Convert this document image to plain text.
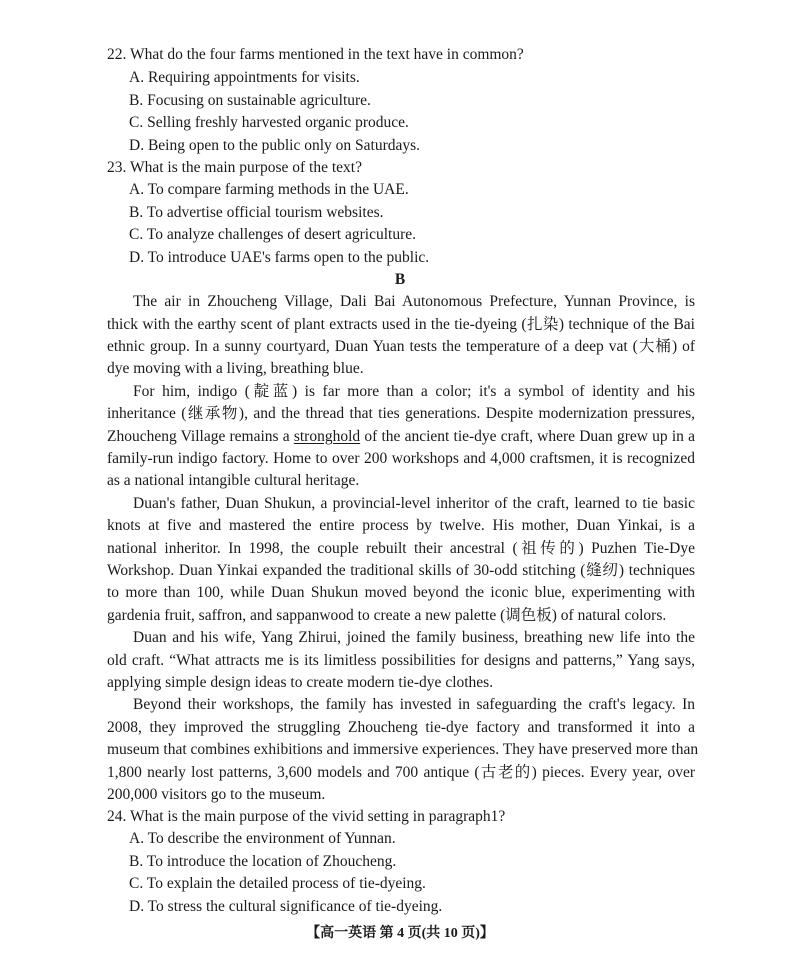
22. What do the four farms mentioned in the text have in common?
A. Requiring appointments for visits.
B. Focusing on sustainable agriculture.
C. Selling freshly harvested organic produce.
D. Being open to the public only on Saturdays.
23. What is the main purpose of the text?
A. To compare farming methods in the UAE.
B. To advertise official tourism websites.
C. To analyze challenges of desert agriculture.
D. To introduce UAE's farms open to the public.
B
The air in Zhoucheng Village, Dali Bai Autonomous Prefecture, Yunnan Province, is
thick with the earthy scent of plant extracts used in the tie-dyeing (扎染) technique of the Bai
ethnic group. In a sunny courtyard, Duan Yuan tests the temperature of a deep vat (大桶) of
dye moving with a living, breathing blue.
For him, indigo (靛蓝) is far more than a color; it's a symbol of identity and his
inheritance (继承物), and the thread that ties generations. Despite modernization pressures,
Zhoucheng Village remains a stronghold of the ancient tie-dye craft, where Duan grew up in a
family-run indigo factory. Home to over 200 workshops and 4,000 craftsmen, it is recognized
as a national intangible cultural heritage.
Duan's father, Duan Shukun, a provincial-level inheritor of the craft, learned to tie basic
knots at five and mastered the entire process by twelve. His mother, Duan Yinkai, is a
national inheritor. In 1998, the couple rebuilt their ancestral (祖传的) Puzhen Tie-Dye
Workshop. Duan Yinkai expanded the traditional skills of 30-odd stitching (缝纫) techniques
to more than 100, while Duan Shukun moved beyond the iconic blue, experimenting with
gardenia fruit, saffron, and sappanwood to create a new palette (调色板) of natural colors.
Duan and his wife, Yang Zhirui, joined the family business, breathing new life into the
old craft. “What attracts me is its limitless possibilities for designs and patterns,” Yang says,
applying simple design ideas to create modern tie-dye clothes.
Beyond their workshops, the family has invested in safeguarding the craft's legacy. In
2008, they improved the struggling Zhoucheng tie-dye factory and transformed it into a
museum that combines exhibitions and immersive experiences. They have preserved more than
1,800 nearly lost patterns, 3,600 models and 700 antique (古老的) pieces. Every year, over
200,000 visitors go to the museum.
24. What is the main purpose of the vivid setting in paragraph1?
A. To describe the environment of Yunnan.
B. To introduce the location of Zhoucheng.
C. To explain the detailed process of tie-dyeing.
D. To stress the cultural significance of tie-dyeing.
【高一英语 第 4 页(共 10 页)】
